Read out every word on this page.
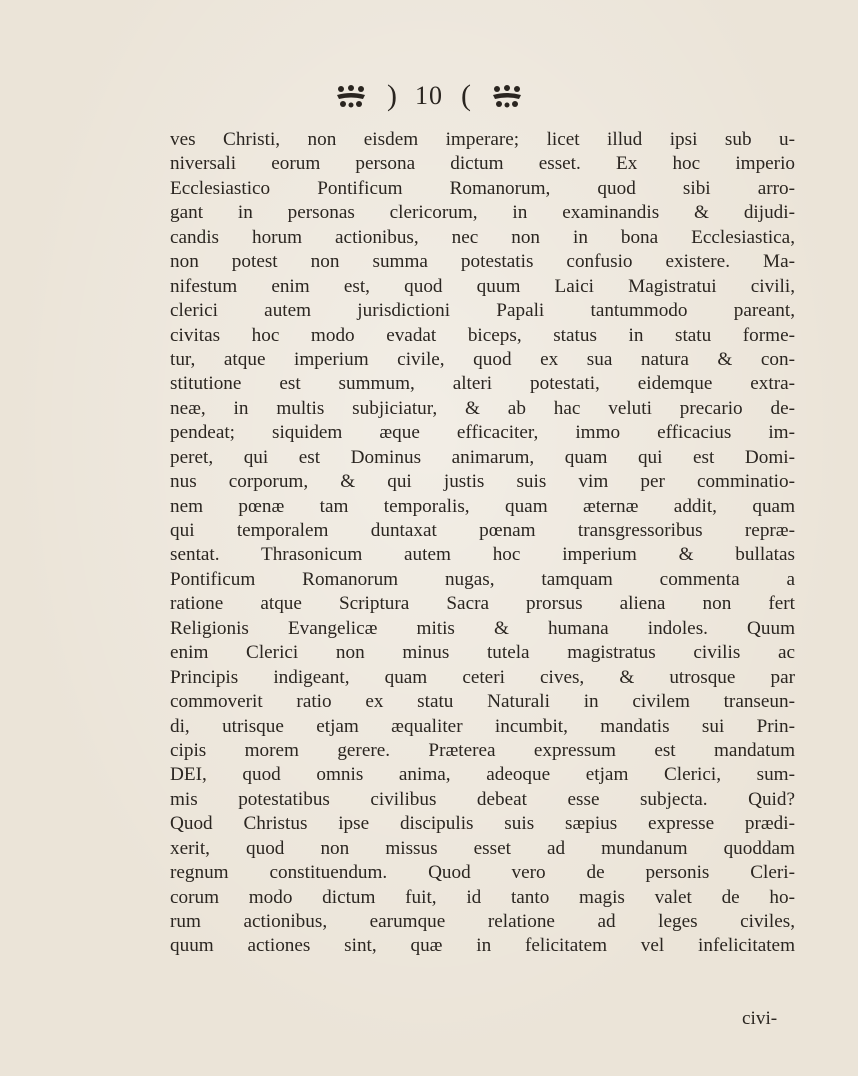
) 10 (
ves Christi, non eisdem imperare; licet illud ipsi sub u-
niversali eorum persona dictum esset. Ex hoc imperio
Ecclesiastico Pontificum Romanorum, quod sibi arro-
gant in personas clericorum, in examinandis & dijudi-
candis horum actionibus, nec non in bona Ecclesiastica,
non potest non summa potestatis confusio existere. Ma-
nifestum enim est, quod quum Laici Magistratui civili,
clerici autem jurisdictioni Papali tantummodo pareant,
civitas hoc modo evadat biceps, status in statu forme-
tur, atque imperium civile, quod ex sua natura & con-
stitutione est summum, alteri potestati, eidemque extra-
neæ, in multis subjiciatur, & ab hac veluti precario de-
pendeat; siquidem æque efficaciter, immo efficacius im-
peret, qui est Dominus animarum, quam qui est Domi-
nus corporum, & qui justis suis vim per comminatio-
nem pœnæ tam temporalis, quam æternæ addit, quam
qui temporalem duntaxat pœnam transgressoribus repræ-
sentat. Thrasonicum autem hoc imperium & bullatas
Pontificum Romanorum nugas, tamquam commenta a
ratione atque Scriptura Sacra prorsus aliena non fert
Religionis Evangelicæ mitis & humana indoles. Quum
enim Clerici non minus tutela magistratus civilis ac
Principis indigeant, quam ceteri cives, & utrosque par
commoverit ratio ex statu Naturali in civilem transeun-
di, utrisque etjam æqualiter incumbit, mandatis sui Prin-
cipis morem gerere. Præterea expressum est mandatum
DEI, quod omnis anima, adeoque etjam Clerici, sum-
mis potestatibus civilibus debeat esse subjecta. Quid?
Quod Christus ipse discipulis suis sæpius expresse prædi-
xerit, quod non missus esset ad mundanum quoddam
regnum constituendum. Quod vero de personis Cleri-
corum modo dictum fuit, id tanto magis valet de ho-
rum actionibus, earumque relatione ad leges civiles,
quum actiones sint, quæ in felicitatem vel infelicitatem
civi-
